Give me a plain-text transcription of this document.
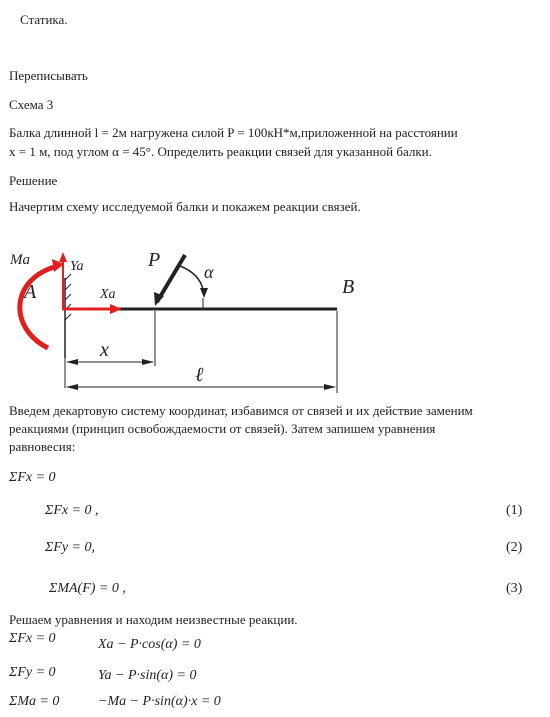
Статика.
Переписывать
Схема 3
Балка длинной l = 2м нагружена силой P = 100кН*м,приложенной на расстоянии
x = 1 м, под углом α = 45°. Определить реакции связей для указанной балки.
Решение
Начертим схему исследуемой балки и покажем реакции связей.
Ma	Ya
A	Xa
P
α
B
x
ℓ
Введем декартовую систему координат, избавимся от связей и их действие заменим
реакциями (принцип освобождаемости от связей). Затем запишем уравнения
равновесия:
ΣFx = 0
ΣFx = 0 ,	(1)
ΣFy = 0,	(2)
ΣMA(F) = 0 ,	(3)
Решаем уравнения и находим неизвестные реакции.
ΣFx = 0	Xa − P·cos(α) = 0
ΣFy = 0	Ya − P·sin(α) = 0
ΣMa = 0	−Ma − P·sin(α)·x = 0
